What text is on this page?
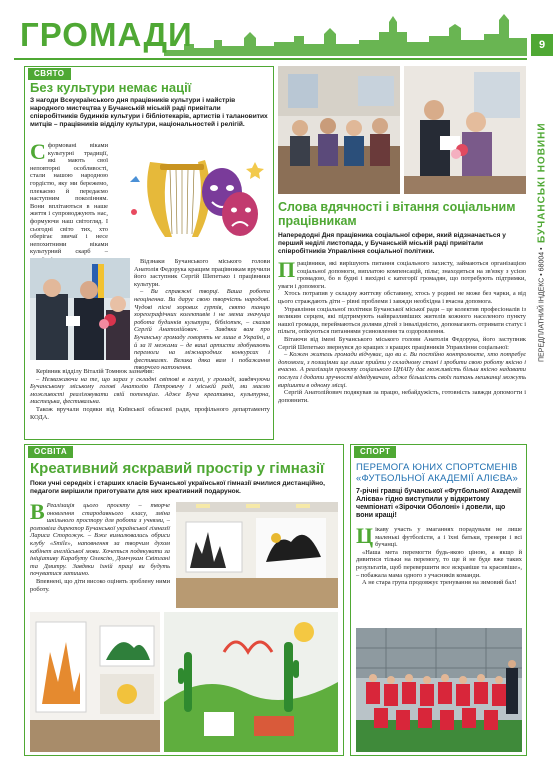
ГРОМАДИ	9
ПЕРЕДПЛАТНИЙ ІНДЕКС • 68004 •
БУЧАНСЬКІ НОВИНИ
СВЯТО
Без культури немає нації
З нагоди Всеукраїнського дня працівників культури і майстрів народного мистецтва у Бучанській міській раді привітали співробітників будинків культури і бібліотекарів, артистів і талановитих митців – працівників відділу культури, національностей і релігій.
Сформовані віками культурні традиції, які мають свої неповторні особливості, стали нашою народною гордістю, яку ми бережемо, плекаємо й передаємо наступним поколінням. Вони вплітаються в наше життя і супроводжують нас, формуючи наш світогляд. І сьогодні світо тих, хто оберігає звичаї і несе непохитними віками культурний скарб –

Відзнаки Бучанського міського голови Анатолія Федорука кращим працівникам вручили його заступник Сергій Шепетько і працівники культури.

– Ви справжні творці. Ваша робота неоціненна. Ви дарує свою творчість народові. Чудові пісні хорових гуртів, свято танцю хореографічних колективів і не менш значуща робота будинків культури, бібліотек, – сказав Сергій Анатолійович. – Завдяки вам про Бучанську громаду говорять не лише в Україні, а й за її межами – де ваші артисти здобувають перемоги на міжнародних конкурсах і фестивалях. Велика дяка вам і побажання творчого натхнення.

Керівник відділу Віталій Томнюк зазначив:

– Незважаючи на те, що зараз у складні світові в галузі, у громаді, завдячуючи Бучанському міському голові Анатолію Петровичу і міській раді, ми маємо можливості реалізовувати свій потенціал. Адже Буча креативна, культурна, мистецька, фестивальна.

Також вручали подяки від Київської обласної ради, профільного департаменту КОДА.

Слова вдячності і вітання соціальним працівникам
Напередодні Дня працівника соціальної сфери, який відзначається у перший неділі листопада, у Бучанській міській раді привітали співробітників Управління соціальної політики.
Працівники, які вирішують питання соціального захисту, займаються організацією соціальної допомоги, виплатою компенсацій, пільг, знаходяться на зв'язку з усією громадою, бо в будні і вихідні є категорії громадян, що потребують підтримки, уваги і допомоги.

Хтось потрапив у складну життєву обставину, хтось у родині не може без чарки, а від цього страждають діти – рівні проблеми і завжди необхідна і вчасна допомога.

Управління соціальної політики Бучанської міської ради – це колектив професіоналів із великим серцем, які підтримують найвразливіших жителів кожного населеного пункту нашої громади, переймаються долями дітей з інвалідністю, допомагають отримати статус і пільги, опікуються питаннями усиновлення та оздоровлення.

Вітаючи від імені Бучанського міського голови Анатолія Федорука, його заступник Сергій Шепетько звернувся до кращих з кращих працівників Управління соціальної:

– Кожен житель громади відчуває, що ви є. Ви постійно контролюєте, хто потребує допомоги, з позиціями ще лише прийти у складному стані і зробити свою роботу якісно і вчасно. А реалізація проєкту соціального ЦНАПу дає можливість більш якісно надавати послуги і додати зручності відвідувачам, адже більшість своїх питань мешканці можуть вирішити в одному місці.

Сергій Анатолійович подякував за працю, небайдужість, готовність завжди допомогти і доповнити.

ОСВІТА
Креативний яскравий простір у гімназії
Поки учні середніх і старших класів Бучанської української гімназії вчилися дистанційно, педагоги вирішили приготувати для них креативний подарунок.
В Реалізація цього проєкту – творче оновлення стародавнього класу, зміна шкільного простору для роботи з учнями, – розповіла директор Бучанської української гімназії Лариса Сторожук. – Вже вималювались обриси клубу «Smile», наповнення за творчим духом кабінет англійської мови. Хочеться подякувати за ініціативу Карабуту Олексію, Домчукам Світлані та Дмитру. Завдяки їхній праці ви будуть почуватися затишно.

Впевнені, що діти високо оцінять зроблену ними роботу.

СПОРТ
ПЕРЕМОГА ЮНИХ СПОРТСМЕНІВ «ФУТБОЛЬНОЇ АКАДЕМІЇ АЛІЄВА»
7-річні гравці бучанської «Футбольної Академії Алієва» гідно виступили у відкритому чемпіонаті «Зірочки Оболоні» і довели, що вони кращі!
Цікаву участь у змаганнях порадували не лише маленькі футболісти, а і їхні батьки, тренери і всі бучанці.

«Наша мета перемогти будь-якою ціною, а якщо й дивитися тільки на перемогу, то ще й не буде вже таких результатів, щоб перевершити все яскравіше та красивіше», – побажала мама одного з учасників команди.

А не стара група продовжує тренування на зимовий бал!
